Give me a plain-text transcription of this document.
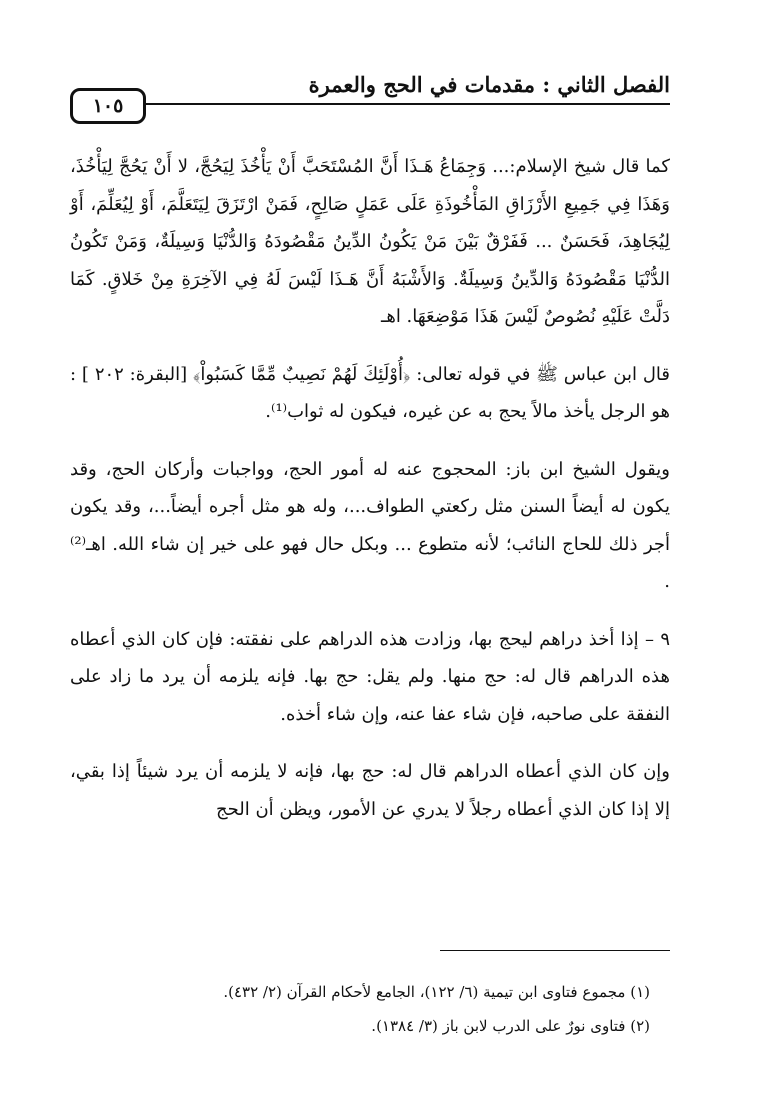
الفصل الثاني : مقدمات في الحج والعمرة
١٠٥

كما قال شيخ الإسلام:... وَجِمَاعُ هَـذَا أَنَّ المُسْتَحَبَّ أَنْ يَأْخُذَ لِيَحُجَّ، لا أَنْ يَحُجَّ لِيَأْخُذَ، وَهَذَا فِي جَمِيعِ الأَرْزَاقِ المَأْخُوذَةِ عَلَى عَمَلٍ صَالِحٍ، فَمَنْ ارْتَزَقَ لِيَتَعَلَّمَ، أَوْ لِيُعَلِّمَ، أَوْ لِيُجَاهِدَ، فَحَسَنٌ ... فَفَرْقٌ بَيْنَ مَنْ يَكُونُ الدِّينُ مَقْصُودَهُ وَالدُّنْيَا وَسِيلَةٌ، وَمَنْ تَكُونُ الدُّنْيَا مَقْصُودَهُ وَالدِّينُ وَسِيلَةٌ. وَالأَشْبَهُ أَنَّ هَـذَا لَيْسَ لَهُ فِي الآخِرَةِ مِنْ خَلاقٍ. كَمَا دَلَّتْ عَلَيْهِ نُصُوصٌ لَيْسَ هَذَا مَوْضِعَهَا. اهـ

قال ابن عباس ﷺ في قوله تعالى: ﴿أُوْلَئِكَ لَهُمْ نَصِيبٌ مِّمَّا كَسَبُواْ﴾ [البقرة: ٢٠٢ ] : هو الرجل يأخذ مالاً يحج به عن غيره، فيكون له ثواب⁽¹⁾.

ويقول الشيخ ابن باز: المحجوج عنه له أمور الحج، وواجبات وأركان الحج، وقد يكون له أيضاً السنن مثل ركعتي الطواف...، وله هو مثل أجره أيضاً...، وقد يكون أجر ذلك للحاج النائب؛ لأنه متطوع ... وبكل حال فهو على خير إن شاء الله. اهـ⁽²⁾ .

٩ – إذا أخذ دراهم ليحج بها، وزادت هذه الدراهم على نفقته: فإن كان الذي أعطاه هذه الدراهم قال له: حج منها. ولم يقل: حج بها. فإنه يلزمه أن يرد ما زاد على النفقة على صاحبه، فإن شاء عفا عنه، وإن شاء أخذه.

وإن كان الذي أعطاه الدراهم قال له: حج بها، فإنه لا يلزمه أن يرد شيئاً إذا بقي، إلا إذا كان الذي أعطاه رجلاً لا يدري عن الأمور، ويظن أن الحج

(١) مجموع فتاوى ابن تيمية (٦/ ١٢٢)، الجامع لأحكام القرآن (٢/ ٤٣٢).

(٢) فتاوى نورٌ على الدرب لابن باز (٣/ ١٣٨٤).
